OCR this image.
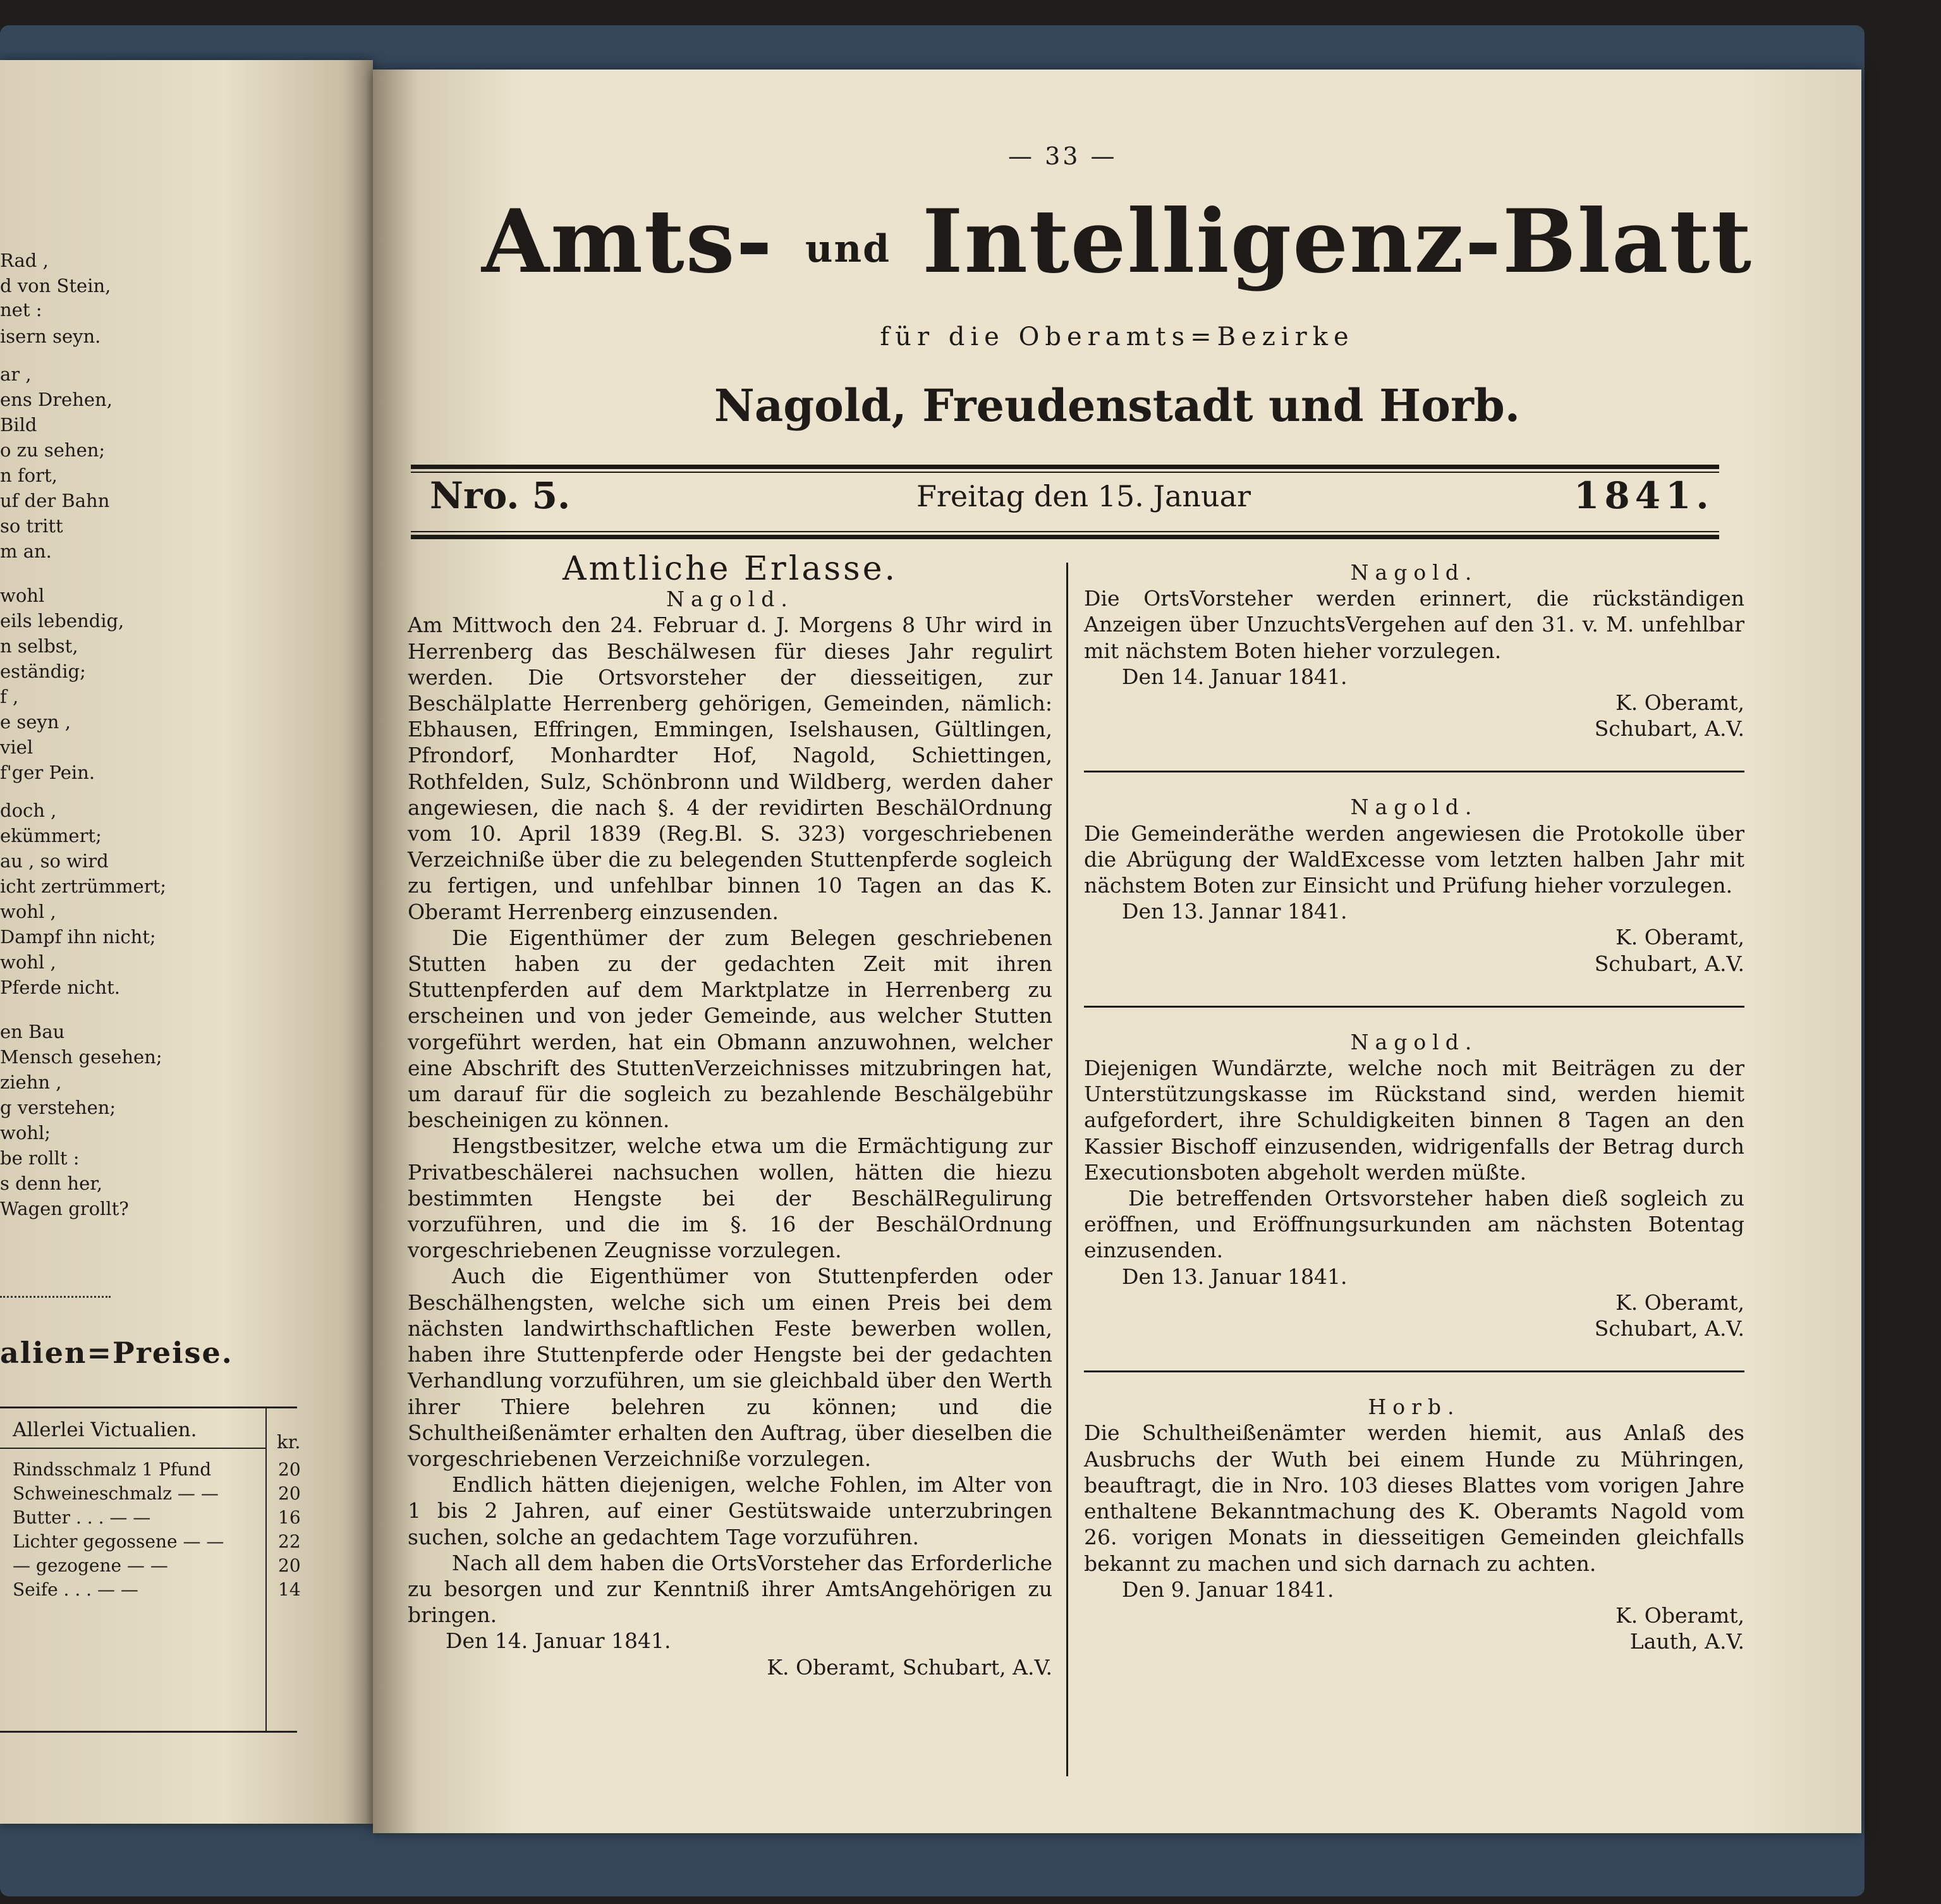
Rad ,
d von Stein,
net :
isern seyn.
ar ,
ens Drehen,
Bild
o zu sehen;
n fort,
uf der Bahn
so tritt
m an.
wohl
eils lebendig,
n selbst,
eständig;
f ,
e seyn ,
viel
f'ger Pein.
doch ,
ekümmert;
au , so wird
icht zertrümmert;
wohl ,
Dampf ihn nicht;
wohl ,
Pferde nicht.
en Bau
Mensch gesehen;
ziehn ,
g verstehen;
wohl;
be rollt :
s denn her,
Wagen grollt?
alien=Preise.
Allerlei Victualien.
kr.
Rindsschmalz 1 Pfund	20
Schweineschmalz — —	20
Butter . . . — —	16
Lichter gegossene — —	22
— gezogene — —	20
Seife . . . — —	14
— 33 —
Amts- und Intelligenz-Blatt
für die Oberamts=Bezirke
Nagold, Freudenstadt und Horb.
Nro. 5.	Freitag den 15. Januar	1841.
Amtliche Erlasse.

Nagold.

Am Mittwoch den 24. Februar d. J. Morgens 8 Uhr wird in Herrenberg das Beschälwesen für dieses Jahr regulirt werden. Die Ortsvorsteher der diesseitigen, zur Beschälplatte Herrenberg gehörigen, Gemeinden, nämlich: Ebhausen, Effringen, Emmingen, Iselshausen, Gültlingen, Pfrondorf, Monhardter Hof, Nagold, Schiettingen, Rothfelden, Sulz, Schönbronn und Wildberg, werden daher angewiesen, die nach §. 4 der revidirten BeschälOrdnung vom 10. April 1839 (Reg.Bl. S. 323) vorgeschriebenen Verzeichniße über die zu belegenden Stuttenpferde sogleich zu fertigen, und unfehlbar binnen 10 Tagen an das K. Oberamt Herrenberg einzusenden.

Die Eigenthümer der zum Belegen geschriebenen Stutten haben zu der gedachten Zeit mit ihren Stuttenpferden auf dem Marktplatze in Herrenberg zu erscheinen und von jeder Gemeinde, aus welcher Stutten vorgeführt werden, hat ein Obmann anzuwohnen, welcher eine Abschrift des StuttenVerzeichnisses mitzubringen hat, um darauf für die sogleich zu bezahlende Beschälgebühr bescheinigen zu können.

Hengstbesitzer, welche etwa um die Ermächtigung zur Privatbeschälerei nachsuchen wollen, hätten die hiezu bestimmten Hengste bei der BeschälRegulirung vorzuführen, und die im §. 16 der BeschälOrdnung vorgeschriebenen Zeugnisse vorzulegen.

Auch die Eigenthümer von Stuttenpferden oder Beschälhengsten, welche sich um einen Preis bei dem nächsten landwirthschaftlichen Feste bewerben wollen, haben ihre Stuttenpferde oder Hengste bei der gedachten Verhandlung vorzuführen, um sie gleichbald über den Werth ihrer Thiere belehren zu können; und die Schultheißenämter erhalten den Auftrag, über dieselben die vorgeschriebenen Verzeichniße vorzulegen.

Endlich hätten diejenigen, welche Fohlen, im Alter von 1 bis 2 Jahren, auf einer Gestütswaide unterzubringen suchen, solche an gedachtem Tage vorzuführen.

Nach all dem haben die OrtsVorsteher das Erforderliche zu besorgen und zur Kenntniß ihrer AmtsAngehörigen zu bringen.

Den 14. Januar 1841.

K. Oberamt, Schubart, A.V.

Nagold.

Die OrtsVorsteher werden erinnert, die rückständigen Anzeigen über UnzuchtsVergehen auf den 31. v. M. unfehlbar mit nächstem Boten hieher vorzulegen.

Den 14. Januar 1841.

K. Oberamt,

Schubart, A.V.

Nagold.

Die Gemeinderäthe werden angewiesen die Protokolle über die Abrügung der WaldExcesse vom letzten halben Jahr mit nächstem Boten zur Einsicht und Prüfung hieher vorzulegen.

Den 13. Jannar 1841.

K. Oberamt,

Schubart, A.V.

Nagold.

Diejenigen Wundärzte, welche noch mit Beiträgen zu der Unterstützungskasse im Rückstand sind, werden hiemit aufgefordert, ihre Schuldigkeiten binnen 8 Tagen an den Kassier Bischoff einzusenden, widrigenfalls der Betrag durch Executionsboten abgeholt werden müßte.

Die betreffenden Ortsvorsteher haben dieß sogleich zu eröffnen, und Eröffnungsurkunden am nächsten Botentag einzusenden.

Den 13. Januar 1841.

K. Oberamt,

Schubart, A.V.

Horb.

Die Schultheißenämter werden hiemit, aus Anlaß des Ausbruchs der Wuth bei einem Hunde zu Mühringen, beauftragt, die in Nro. 103 dieses Blattes vom vorigen Jahre enthaltene Bekanntmachung des K. Oberamts Nagold vom 26. vorigen Monats in diesseitigen Gemeinden gleichfalls bekannt zu machen und sich darnach zu achten.

Den 9. Januar 1841.

K. Oberamt,

Lauth, A.V.
